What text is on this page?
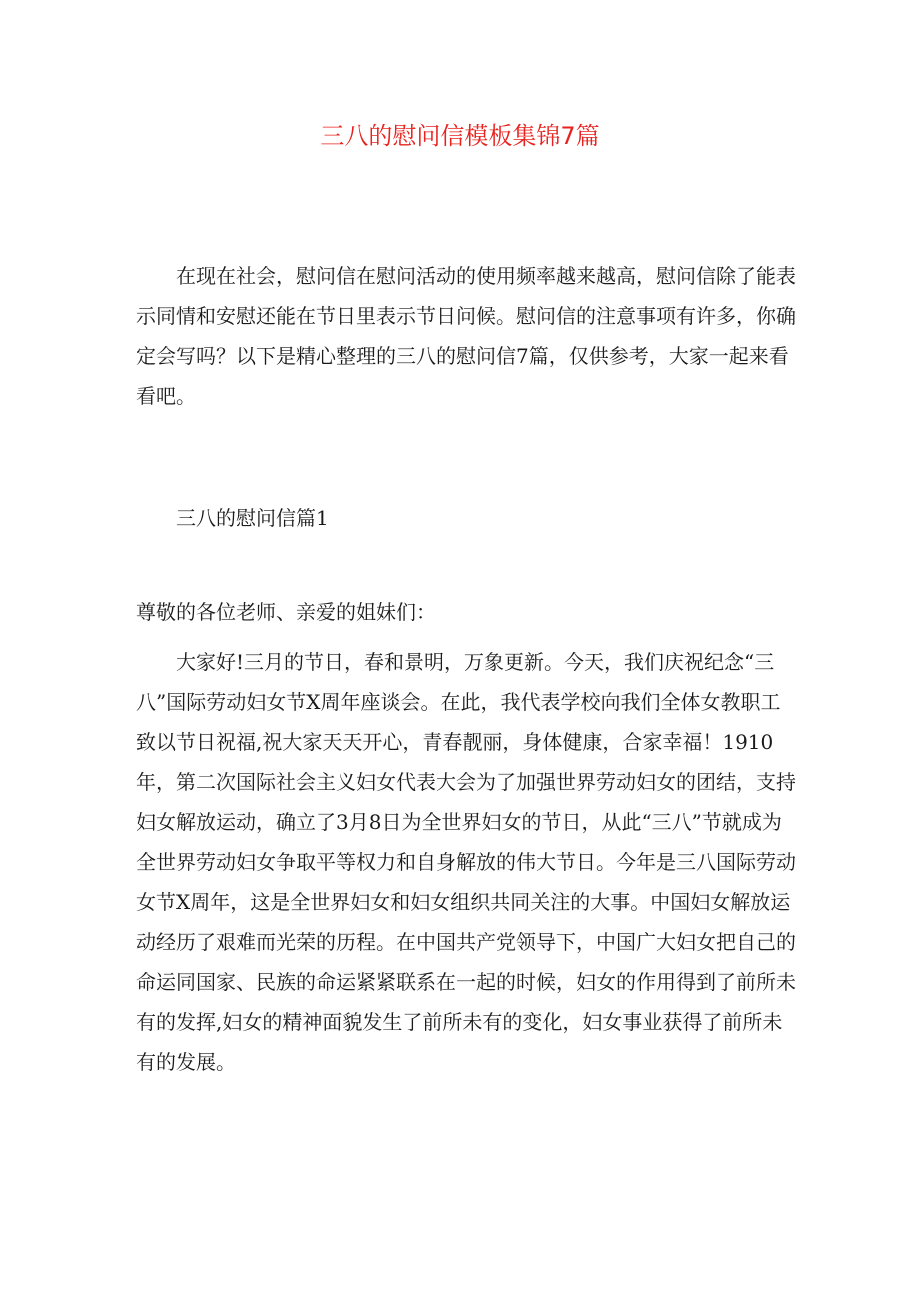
三八的慰问信模板集锦7篇

在现在社会，慰问信在慰问活动的使用频率越来越高，慰问信除了能表示同情和安慰还能在节日里表示节日问候。慰问信的注意事项有许多，你确定会写吗？以下是精心整理的三八的慰问信7篇，仅供参考，大家一起来看看吧。

三八的慰问信篇1

尊敬的各位老师、亲爱的姐妹们：

大家好!三月的节日，春和景明，万象更新。今天，我们庆祝纪念“三八”国际劳动妇女节X周年座谈会。在此，我代表学校向我们全体女教职工致以节日祝福,祝大家天天开心，青春靓丽，身体健康，合家幸福！1910年，第二次国际社会主义妇女代表大会为了加强世界劳动妇女的团结，支持妇女解放运动，确立了3月8日为全世界妇女的节日，从此“三八”节就成为全世界劳动妇女争取平等权力和自身解放的伟大节日。今年是三八国际劳动女节X周年，这是全世界妇女和妇女组织共同关注的大事。中国妇女解放运动经历了艰难而光荣的历程。在中国共产党领导下，中国广大妇女把自己的命运同国家、民族的命运紧紧联系在一起的时候，妇女的作用得到了前所未有的发挥,妇女的精神面貌发生了前所未有的变化，妇女事业获得了前所未有的发展。
